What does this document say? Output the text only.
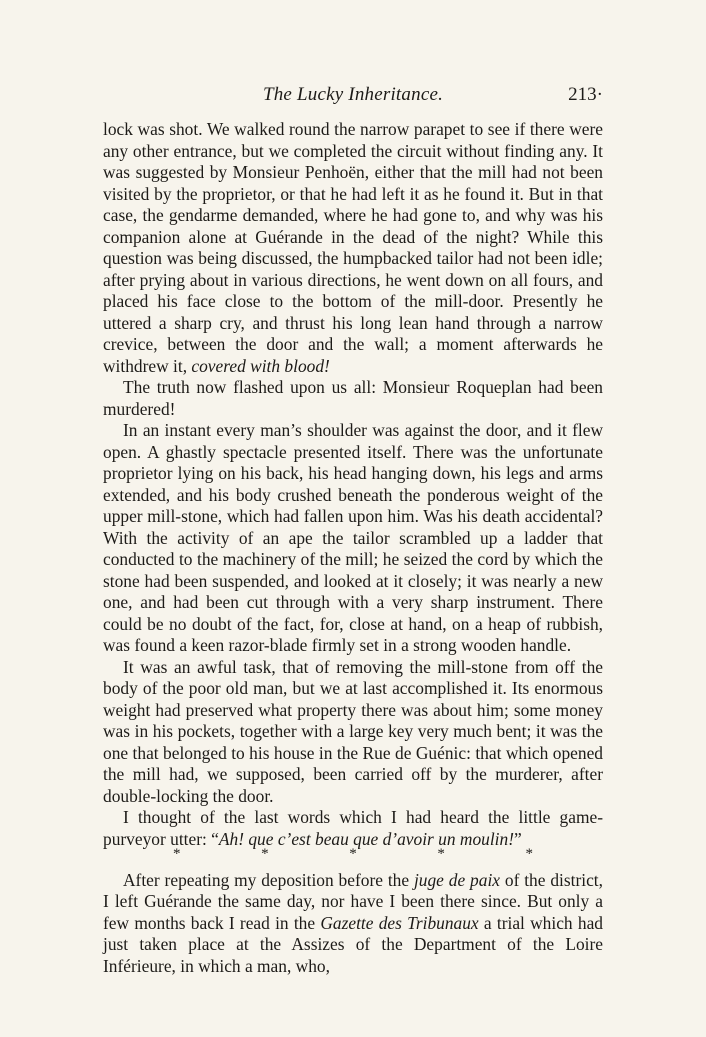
The Lucky Inheritance.	213·

lock was shot. We walked round the narrow parapet to see if there were any other entrance, but we completed the circuit without finding any. It was suggested by Monsieur Penhoën, either that the mill had not been visited by the proprietor, or that he had left it as he found it. But in that case, the gendarme demanded, where he had gone to, and why was his companion alone at Guérande in the dead of the night? While this question was being discussed, the humpbacked tailor had not been idle; after prying about in various directions, he went down on all fours, and placed his face close to the bottom of the mill-door. Presently he uttered a sharp cry, and thrust his long lean hand through a narrow crevice, between the door and the wall; a moment afterwards he withdrew it, covered with blood!

The truth now flashed upon us all: Monsieur Roqueplan had been murdered!

In an instant every man’s shoulder was against the door, and it flew open. A ghastly spectacle presented itself. There was the unfortunate proprietor lying on his back, his head hanging down, his legs and arms extended, and his body crushed beneath the ponderous weight of the upper mill-stone, which had fallen upon him. Was his death accidental? With the activity of an ape the tailor scrambled up a ladder that conducted to the machinery of the mill; he seized the cord by which the stone had been suspended, and looked at it closely; it was nearly a new one, and had been cut through with a very sharp instrument. There could be no doubt of the fact, for, close at hand, on a heap of rubbish, was found a keen razor-blade firmly set in a strong wooden handle.

It was an awful task, that of removing the mill-stone from off the body of the poor old man, but we at last accomplished it. Its enormous weight had preserved what property there was about him; some money was in his pockets, together with a large key very much bent; it was the one that belonged to his house in the Rue de Guénic: that which opened the mill had, we supposed, been carried off by the murderer, after double-locking the door.

I thought of the last words which I had heard the little game-purveyor utter: “Ah! que c’est beau que d’avoir un moulin!”

*	*	*	*	*

After repeating my deposition before the juge de paix of the district, I left Guérande the same day, nor have I been there since. But only a few months back I read in the Gazette des Tribunaux a trial which had just taken place at the Assizes of the Department of the Loire Inférieure, in which a man, who,
